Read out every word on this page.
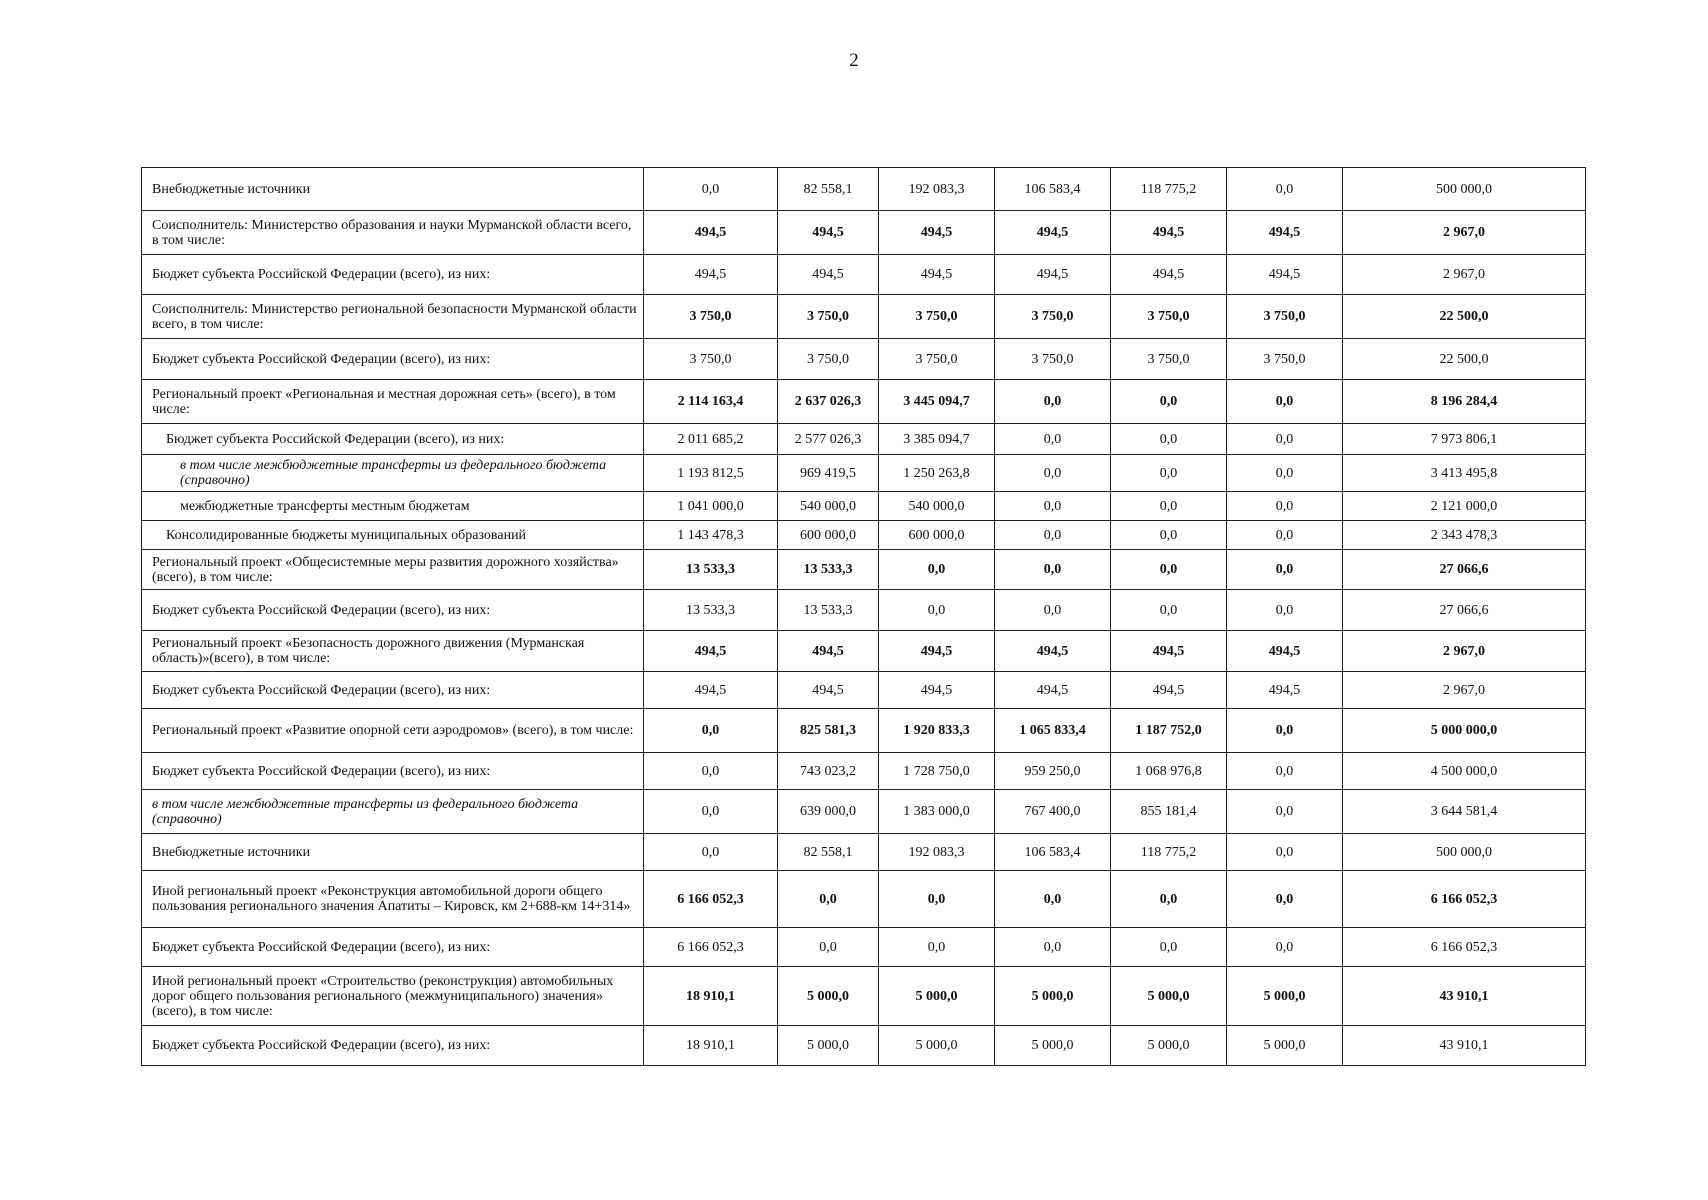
2
Внебюджетные источники	0,0	82 558,1	192 083,3	106 583,4	118 775,2	0,0	500 000,0
Соисполнитель: Министерство образования и науки Мурманской области всего, в том числе:	494,5	494,5	494,5	494,5	494,5	494,5	2 967,0
Бюджет субъекта Российской Федерации (всего), из них:	494,5	494,5	494,5	494,5	494,5	494,5	2 967,0
Соисполнитель: Министерство региональной безопасности Мурманской области всего, в том числе:	3 750,0	3 750,0	3 750,0	3 750,0	3 750,0	3 750,0	22 500,0
Бюджет субъекта Российской Федерации (всего), из них:	3 750,0	3 750,0	3 750,0	3 750,0	3 750,0	3 750,0	22 500,0
Региональный проект «Региональная и местная дорожная сеть» (всего), в том числе:	2 114 163,4	2 637 026,3	3 445 094,7	0,0	0,0	0,0	8 196 284,4
Бюджет субъекта Российской Федерации (всего), из них:	2 011 685,2	2 577 026,3	3 385 094,7	0,0	0,0	0,0	7 973 806,1
в том числе межбюджетные трансферты из федерального бюджета (справочно)	1 193 812,5	969 419,5	1 250 263,8	0,0	0,0	0,0	3 413 495,8
межбюджетные трансферты местным бюджетам	1 041 000,0	540 000,0	540 000,0	0,0	0,0	0,0	2 121 000,0
Консолидированные бюджеты муниципальных образований	1 143 478,3	600 000,0	600 000,0	0,0	0,0	0,0	2 343 478,3
Региональный проект «Общесистемные меры развития дорожного хозяйства» (всего), в том числе:	13 533,3	13 533,3	0,0	0,0	0,0	0,0	27 066,6
Бюджет субъекта Российской Федерации (всего), из них:	13 533,3	13 533,3	0,0	0,0	0,0	0,0	27 066,6
Региональный проект «Безопасность дорожного движения (Мурманская область)»(всего), в том числе:	494,5	494,5	494,5	494,5	494,5	494,5	2 967,0
Бюджет субъекта Российской Федерации (всего), из них:	494,5	494,5	494,5	494,5	494,5	494,5	2 967,0
Региональный проект «Развитие опорной сети аэродромов» (всего), в том числе:	0,0	825 581,3	1 920 833,3	1 065 833,4	1 187 752,0	0,0	5 000 000,0
Бюджет субъекта Российской Федерации (всего), из них:	0,0	743 023,2	1 728 750,0	959 250,0	1 068 976,8	0,0	4 500 000,0
в том числе межбюджетные трансферты из федерального бюджета (справочно)	0,0	639 000,0	1 383 000,0	767 400,0	855 181,4	0,0	3 644 581,4
Внебюджетные источники	0,0	82 558,1	192 083,3	106 583,4	118 775,2	0,0	500 000,0
Иной региональный проект «Реконструкция автомобильной дороги общего пользования регионального значения Апатиты – Кировск, км 2+688-км 14+314»	6 166 052,3	0,0	0,0	0,0	0,0	0,0	6 166 052,3
Бюджет субъекта Российской Федерации (всего), из них:	6 166 052,3	0,0	0,0	0,0	0,0	0,0	6 166 052,3
Иной региональный проект «Строительство (реконструкция) автомобильных дорог общего пользования регионального (межмуниципального) значения» (всего), в том числе:	18 910,1	5 000,0	5 000,0	5 000,0	5 000,0	5 000,0	43 910,1
Бюджет субъекта Российской Федерации (всего), из них:	18 910,1	5 000,0	5 000,0	5 000,0	5 000,0	5 000,0	43 910,1
